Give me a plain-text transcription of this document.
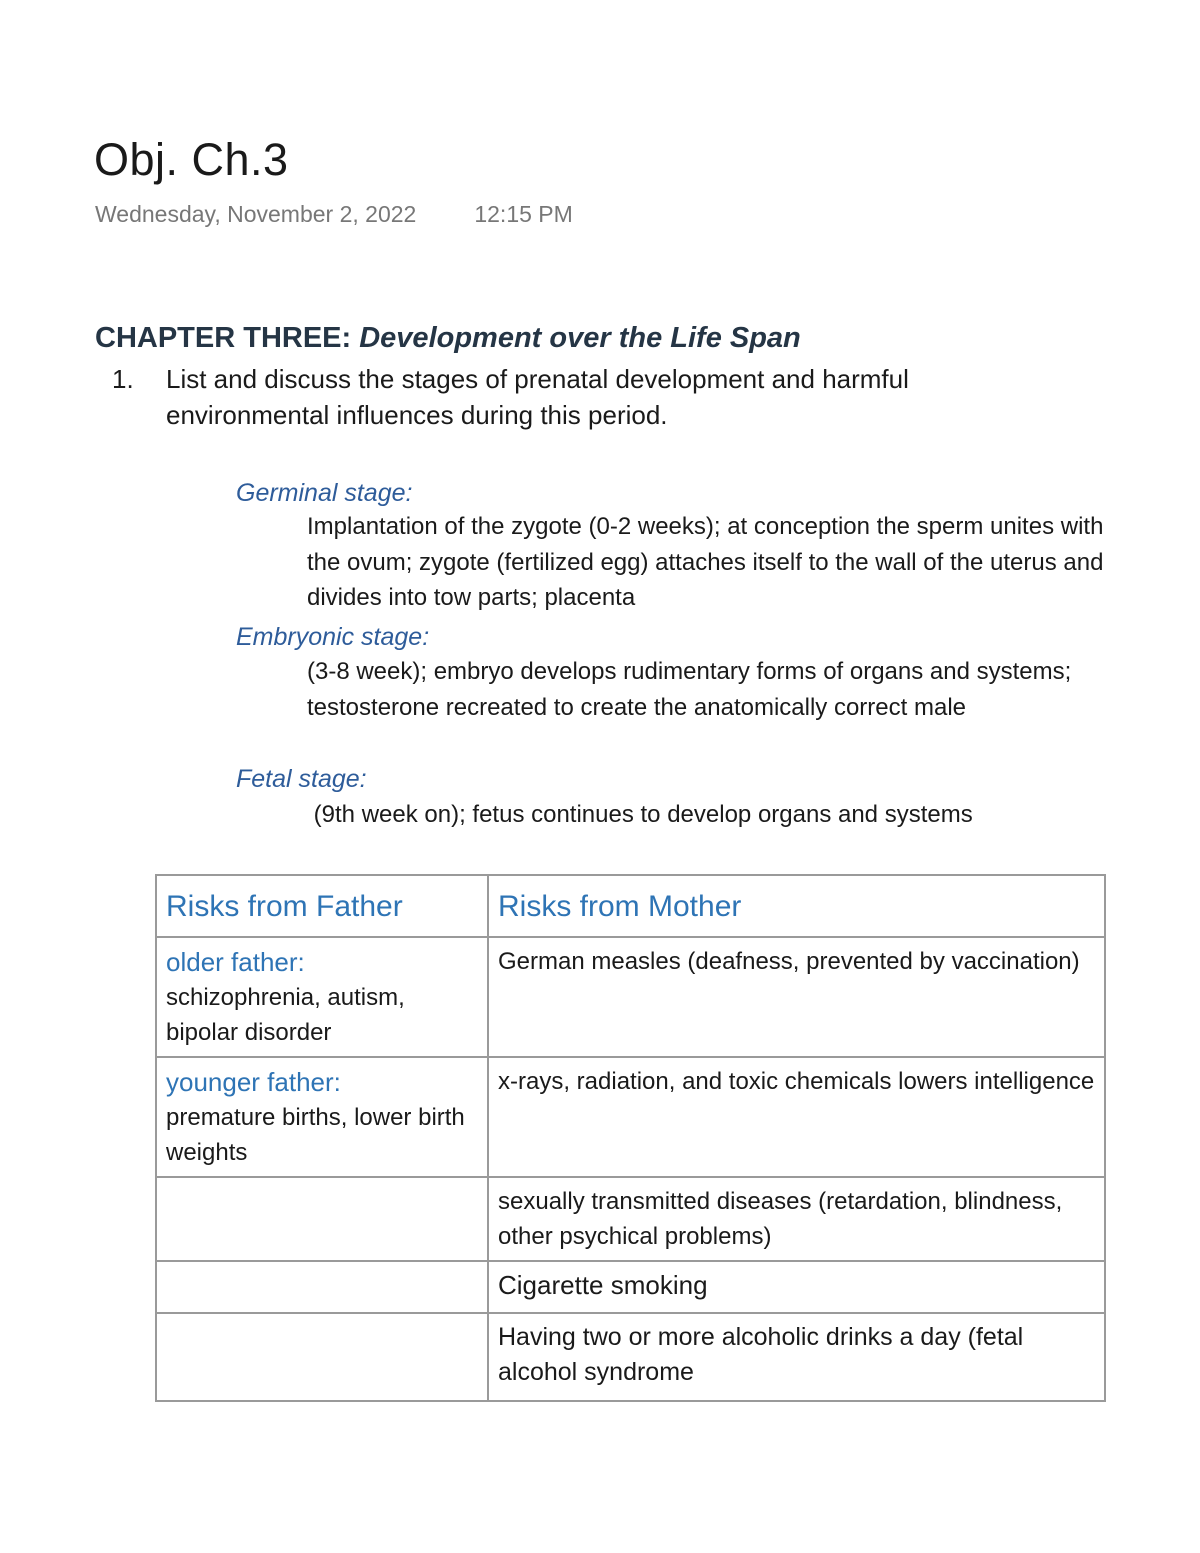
Obj. Ch.3
Wednesday, November 2, 2022	12:15 PM
CHAPTER THREE: Development over the Life Span
1.	List and discuss the stages of prenatal development and harmful environmental influences during this period.
Germinal stage:
Implantation of the zygote (0-2 weeks); at conception the sperm unites with the ovum; zygote (fertilized egg) attaches itself to the wall of the uterus and divides into tow parts; placenta
Embryonic stage:
(3-8 week); embryo develops rudimentary forms of organs and systems; testosterone recreated to create the anatomically correct male
Fetal stage:
(9th week on); fetus continues to develop organs and systems
Risks from Father	Risks from Mother

older father:
schizophrenia, autism, bipolar disorder	German measles (deafness, prevented by vaccination)

younger father:
premature births, lower birth weights	x-rays, radiation, and toxic chemicals lowers intelligence

	sexually transmitted diseases (retardation, blindness, other psychical problems)

	Cigarette smoking

	Having two or more alcoholic drinks a day (fetal alcohol syndrome
